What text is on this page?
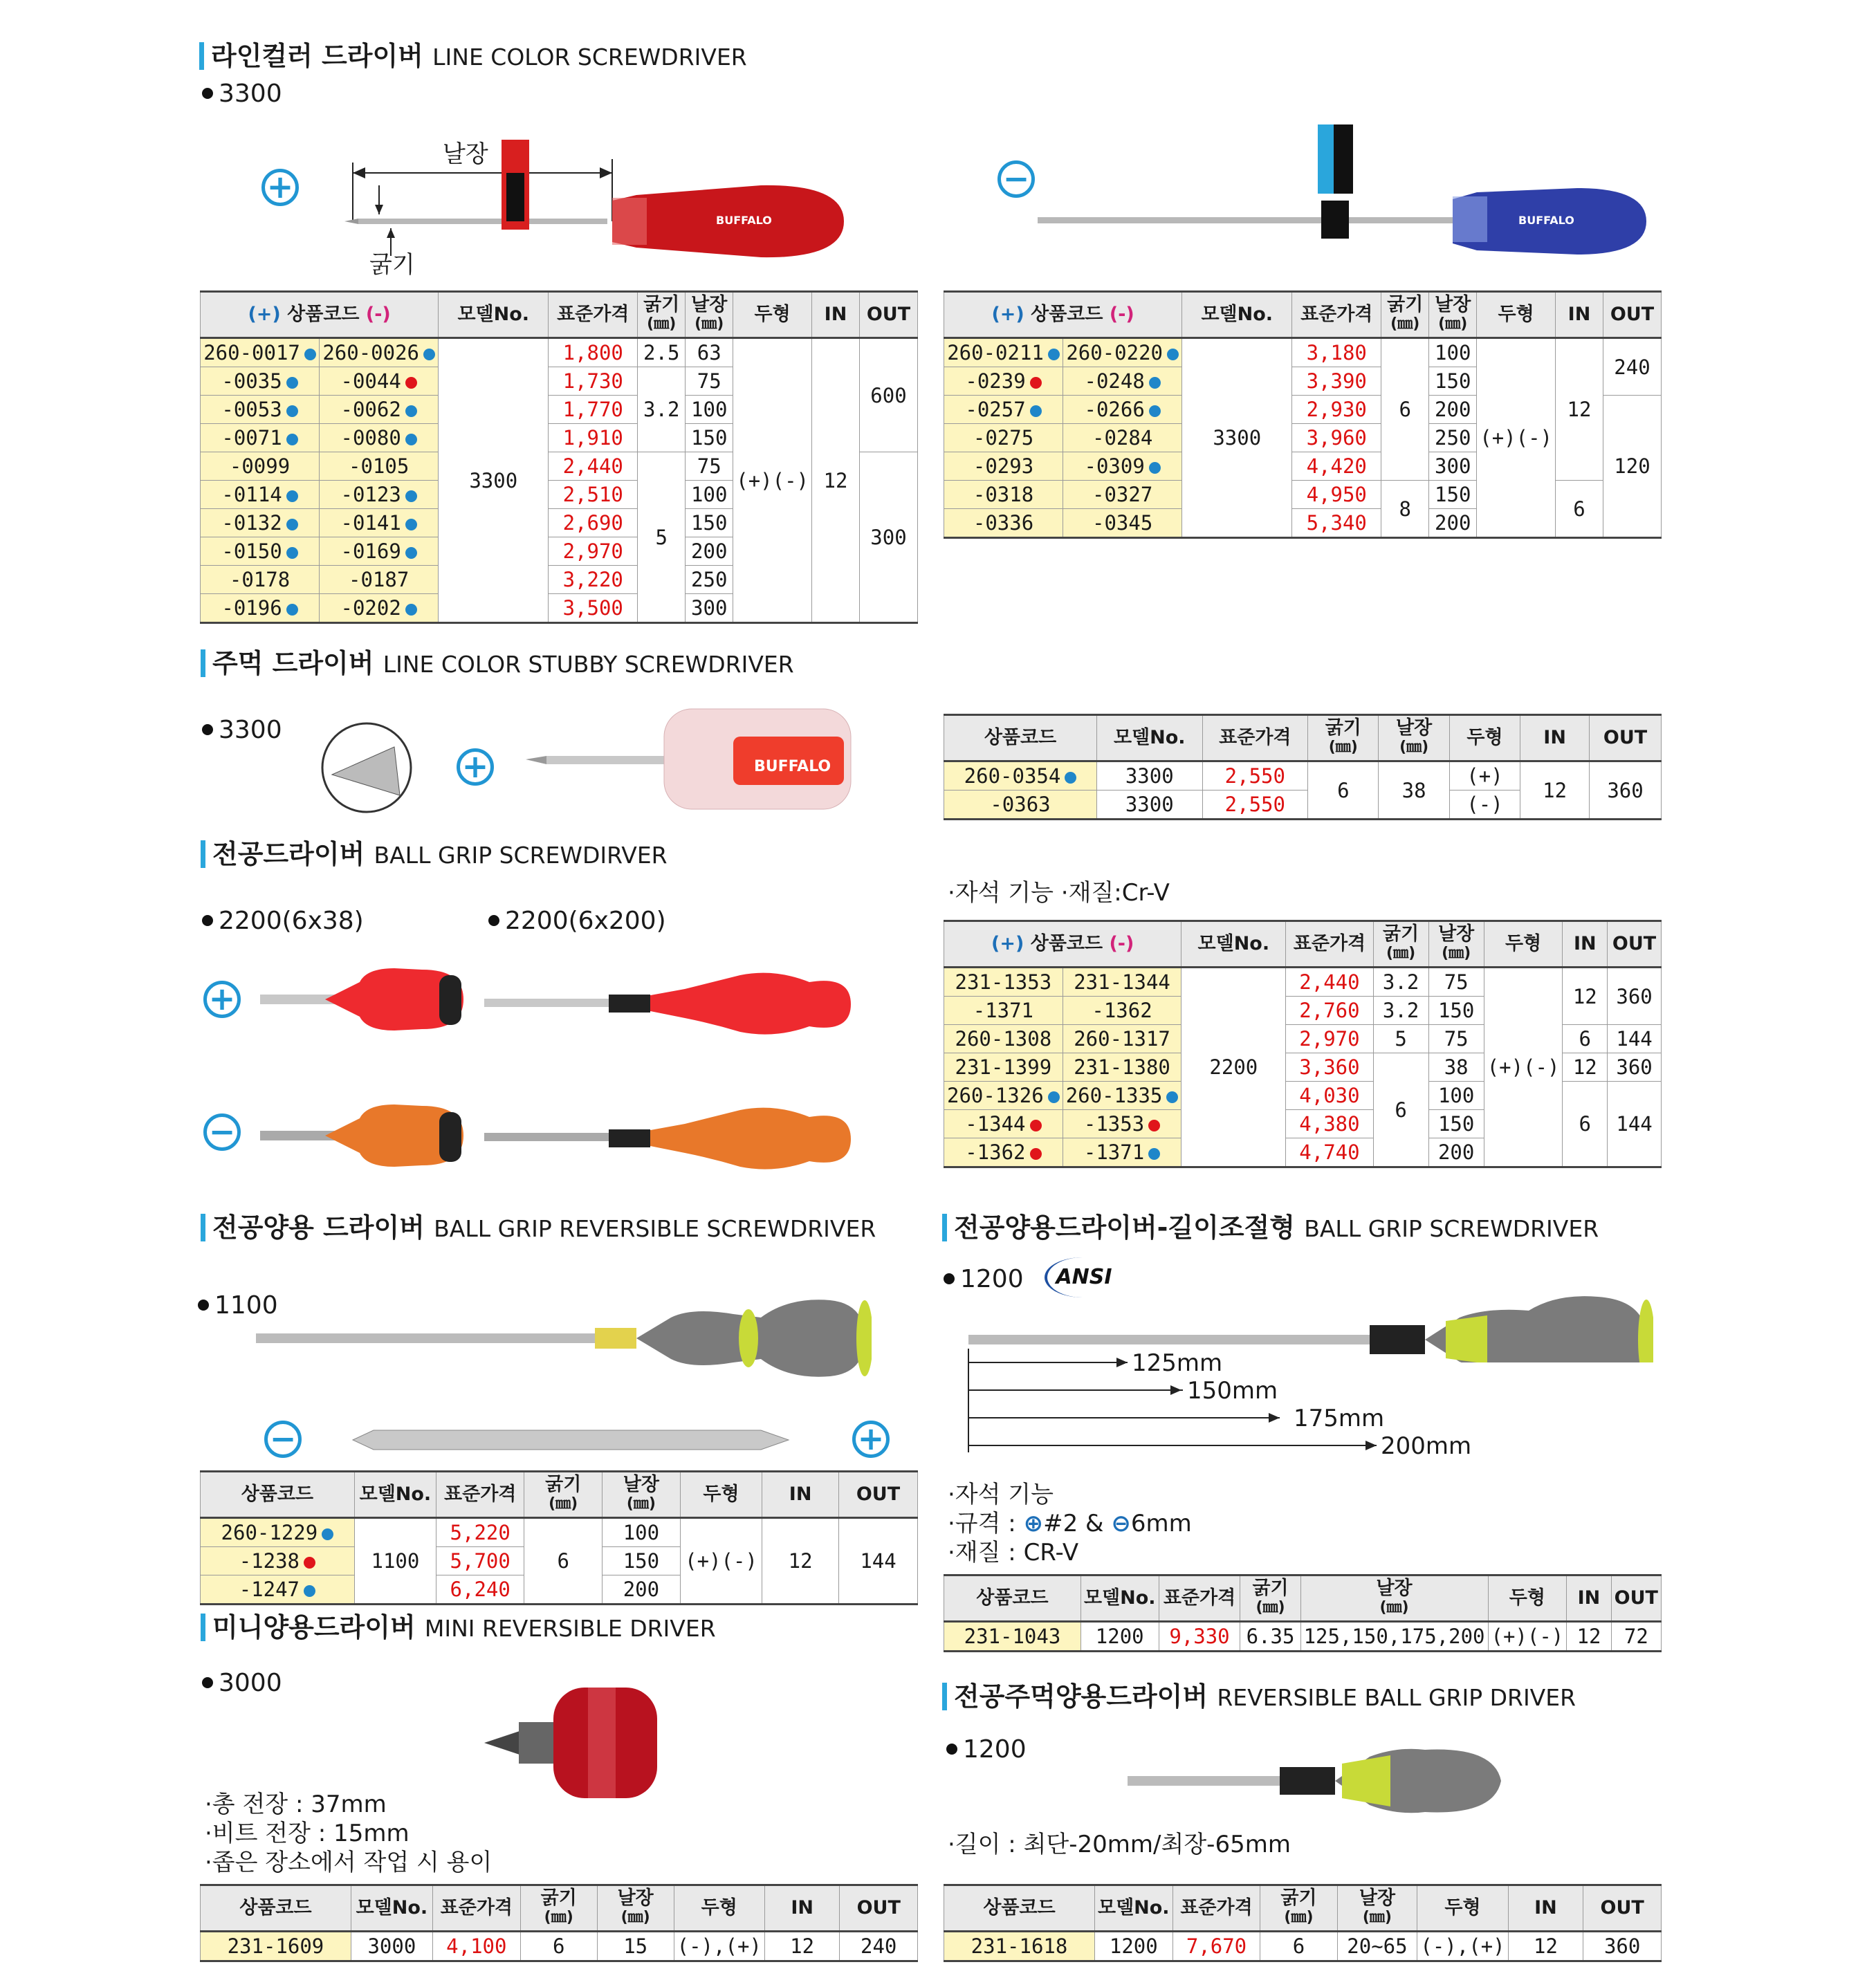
라인컬러 드라이버 LINE COLOR SCREWDRIVER
3300
+
BUFFALO
날장
굵기
−
BUFFALO
(+) 상품코드 (-)		모델No.	표준가격	굵기
(㎜)	날장
(㎜)	두형	IN	OUT
260-0017	260-0026	3300	1,800	2.5	63	(+)(-)	12	600
-0035	-0044		1,730	3.2	75			
-0053	-0062		1,770		100			
-0071	-0080		1,910		150			
-0099	-0105		2,440	5	75			300
-0114	-0123		2,510		100			
-0132	-0141		2,690		150			
-0150	-0169		2,970		200			
-0178	-0187		3,220		250			
-0196	-0202		3,500		300			
(+) 상품코드 (-)		모델No.	표준가격	굵기
(㎜)	날장
(㎜)	두형	IN	OUT
260-0211	260-0220	3300	3,180	6	100	(+)(-)	12	240
-0239	-0248		3,390		150			
-0257	-0266		2,930		200			120
-0275	-0284		3,960		250			
-0293	-0309		4,420		300			
-0318	-0327		4,950	8	150		6	
-0336	-0345		5,340		200			
주먹 드라이버 LINE COLOR STUBBY SCREWDRIVER
3300
+	BUFFALO
상품코드	모델No.	표준가격	굵기
(㎜)	날장
(㎜)	두형	IN	OUT
260-0354	3300	2,550	6	38	(+)	12	360
-0363	3300	2,550			(-)		
전공드라이버 BALL GRIP SCREWDIRVER
2200(6x38)	2200(6x200)
+
−
·자석 기능 ·재질:Cr-V
(+) 상품코드 (-)		모델No.	표준가격	굵기
(㎜)	날장
(㎜)	두형	IN	OUT
231-1353	231-1344	2200	2,440	3.2	75	(+)(-)	12	360
-1371	-1362		2,760	3.2	150			
260-1308	260-1317		2,970	5	75		6	144
231-1399	231-1380		3,360	6	38		12	360
260-1326	260-1335		4,030		100		6	144
-1344	-1353		4,380		150			
-1362	-1371		4,740		200			
전공양용 드라이버 BALL GRIP REVERSIBLE SCREWDRIVER
1100
−	+
상품코드	모델No.	표준가격	굵기
(㎜)	날장
(㎜)	두형	IN	OUT
260-1229	1100	5,220	6	100	(+)(-)	12	144
-1238		5,700		150			
-1247		6,240		200			
전공양용드라이버-길이조절형 BALL GRIP SCREWDRIVER
1200	ANSI
125mm
150mm
175mm
200mm
·자석 기능
·규격 : ⊕#2 & ⊖6mm
·재질 : CR-V
상품코드	모델No.	표준가격	굵기
(㎜)	날장
(㎜)	두형	IN	OUT
231-1043	1200	9,330	6.35	125,150,175,200	(+)(-)	12	72
미니양용드라이버 MINI REVERSIBLE DRIVER
3000
·총 전장 : 37mm
·비트 전장 : 15mm
·좁은 장소에서 작업 시 용이
상품코드	모델No.	표준가격	굵기
(㎜)	날장
(㎜)	두형	IN	OUT
231-1609	3000	4,100	6	15	(-),(+)	12	240
전공주먹양용드라이버 REVERSIBLE BALL GRIP DRIVER
1200
·길이 : 최단-20mm/최장-65mm
상품코드	모델No.	표준가격	굵기
(㎜)	날장
(㎜)	두형	IN	OUT
231-1618	1200	7,670	6	20~65	(-),(+)	12	360
